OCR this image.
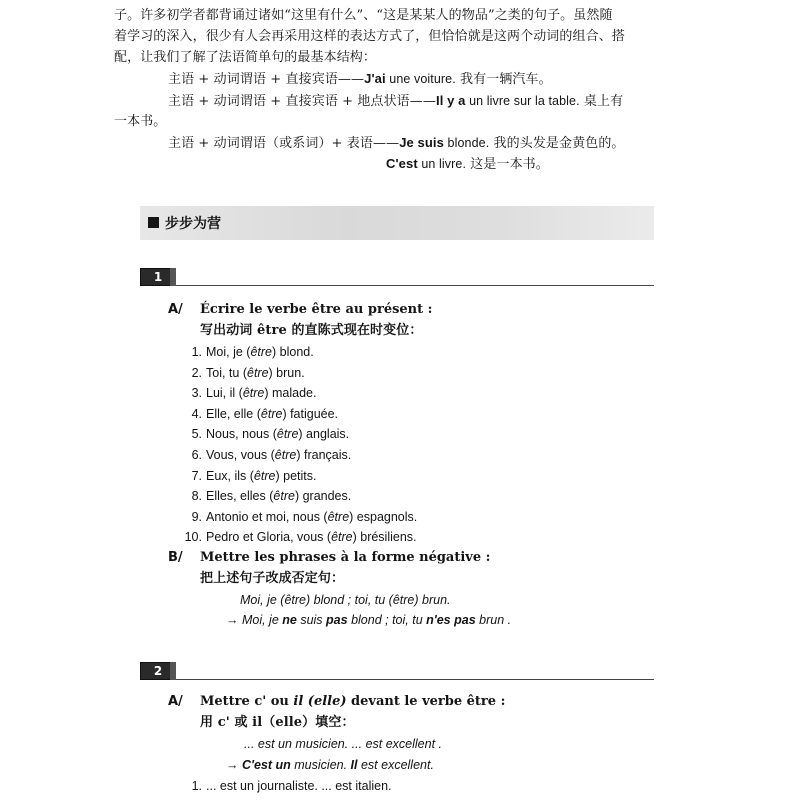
子。许多初学者都背诵过诸如“这里有什么”、“这是某某人的物品”之类的句子。虽然随
着学习的深入，很少有人会再采用这样的表达方式了，但恰恰就是这两个动词的组合、搭
配，让我们了解了法语简单句的最基本结构：
主语 + 动词谓语 + 直接宾语——J'ai une voiture. 我有一辆汽车。
主语 + 动词谓语 + 直接宾语 + 地点状语——Il y a un livre sur la table. 桌上有
一本书。
主语 + 动词谓语（或系词）+ 表语——Je suis blonde. 我的头发是金黄色的。
C'est un livre. 这是一本书。
步步为营
1
A/ Écrire le verbe être au présent :
写出动词 être 的直陈式现在时变位：
1. Moi, je (être) blond.
2. Toi, tu (être) brun.
3. Lui, il (être) malade.
4. Elle, elle (être) fatiguée.
5. Nous, nous (être) anglais.
6. Vous, vous (être) français.
7. Eux, ils (être) petits.
8. Elles, elles (être) grandes.
9. Antonio et moi, nous (être) espagnols.
10. Pedro et Gloria, vous (être) brésiliens.
B/ Mettre les phrases à la forme négative :
把上述句子改成否定句：
Moi, je (être) blond ; toi, tu (être) brun.
→ Moi, je ne suis pas blond ; toi, tu n'es pas brun .
2
A/ Mettre c' ou il (elle) devant le verbe être :
用 c' 或 il（elle）填空：
... est un musicien. ... est excellent .
→ C'est un musicien. Il est excellent.
1. ... est un journaliste. ... est italien.
